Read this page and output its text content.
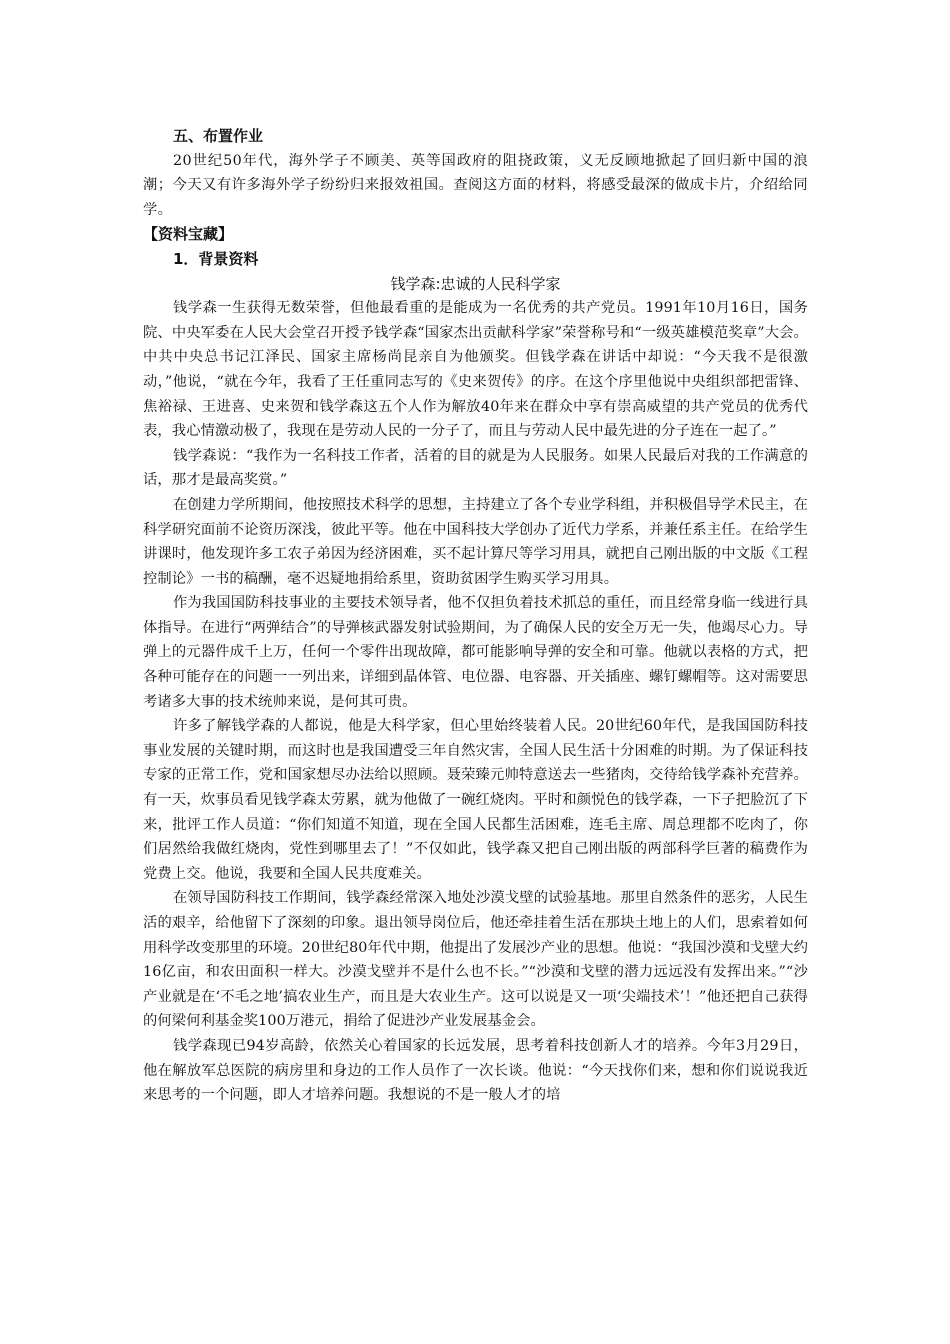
五、布置作业

20世纪50年代，海外学子不顾美、英等国政府的阻挠政策，义无反顾地掀起了回归新中国的浪潮；今天又有许多海外学子纷纷归来报效祖国。查阅这方面的材料，将感受最深的做成卡片，介绍给同学。

【资料宝藏】

1．背景资料

钱学森:忠诚的人民科学家

钱学森一生获得无数荣誉，但他最看重的是能成为一名优秀的共产党员。1991年10月16日，国务院、中央军委在人民大会堂召开授予钱学森“国家杰出贡献科学家”荣誉称号和“一级英雄模范奖章”大会。中共中央总书记江泽民、国家主席杨尚昆亲自为他颁奖。但钱学森在讲话中却说：“今天我不是很激动，”他说，“就在今年，我看了王任重同志写的《史来贺传》的序。在这个序里他说中央组织部把雷锋、焦裕禄、王进喜、史来贺和钱学森这五个人作为解放40年来在群众中享有崇高威望的共产党员的优秀代表，我心情激动极了，我现在是劳动人民的一分子了，而且与劳动人民中最先进的分子连在一起了。”

钱学森说：“我作为一名科技工作者，活着的目的就是为人民服务。如果人民最后对我的工作满意的话，那才是最高奖赏。”

在创建力学所期间，他按照技术科学的思想，主持建立了各个专业学科组，并积极倡导学术民主，在科学研究面前不论资历深浅，彼此平等。他在中国科技大学创办了近代力学系，并兼任系主任。在给学生讲课时，他发现许多工农子弟因为经济困难，买不起计算尺等学习用具，就把自己刚出版的中文版《工程控制论》一书的稿酬，毫不迟疑地捐给系里，资助贫困学生购买学习用具。

作为我国国防科技事业的主要技术领导者，他不仅担负着技术抓总的重任，而且经常身临一线进行具体指导。在进行“两弹结合”的导弹核武器发射试验期间，为了确保人民的安全万无一失，他竭尽心力。导弹上的元器件成千上万，任何一个零件出现故障，都可能影响导弹的安全和可靠。他就以表格的方式，把各种可能存在的问题一一列出来，详细到晶体管、电位器、电容器、开关插座、螺钉螺帽等。这对需要思考诸多大事的技术统帅来说，是何其可贵。

许多了解钱学森的人都说，他是大科学家，但心里始终装着人民。20世纪60年代，是我国国防科技事业发展的关键时期，而这时也是我国遭受三年自然灾害，全国人民生活十分困难的时期。为了保证科技专家的正常工作，党和国家想尽办法给以照顾。聂荣臻元帅特意送去一些猪肉，交待给钱学森补充营养。有一天，炊事员看见钱学森太劳累，就为他做了一碗红烧肉。平时和颜悦色的钱学森，一下子把脸沉了下来，批评工作人员道：“你们知道不知道，现在全国人民都生活困难，连毛主席、周总理都不吃肉了，你们居然给我做红烧肉，党性到哪里去了！”不仅如此，钱学森又把自己刚出版的两部科学巨著的稿费作为党费上交。他说，我要和全国人民共度难关。

在领导国防科技工作期间，钱学森经常深入地处沙漠戈壁的试验基地。那里自然条件的恶劣，人民生活的艰辛，给他留下了深刻的印象。退出领导岗位后，他还牵挂着生活在那块土地上的人们，思索着如何用科学改变那里的环境。20世纪80年代中期，他提出了发展沙产业的思想。他说：“我国沙漠和戈壁大约16亿亩，和农田面积一样大。沙漠戈壁并不是什么也不长。”“沙漠和戈壁的潜力远远没有发挥出来。”“沙产业就是在‘不毛之地’搞农业生产，而且是大农业生产。这可以说是又一项‘尖端技术’！”他还把自己获得的何梁何利基金奖100万港元，捐给了促进沙产业发展基金会。

钱学森现已94岁高龄，依然关心着国家的长远发展，思考着科技创新人才的培养。今年3月29日，他在解放军总医院的病房里和身边的工作人员作了一次长谈。他说：“今天找你们来，想和你们说说我近来思考的一个问题，即人才培养问题。我想说的不是一般人才的培
